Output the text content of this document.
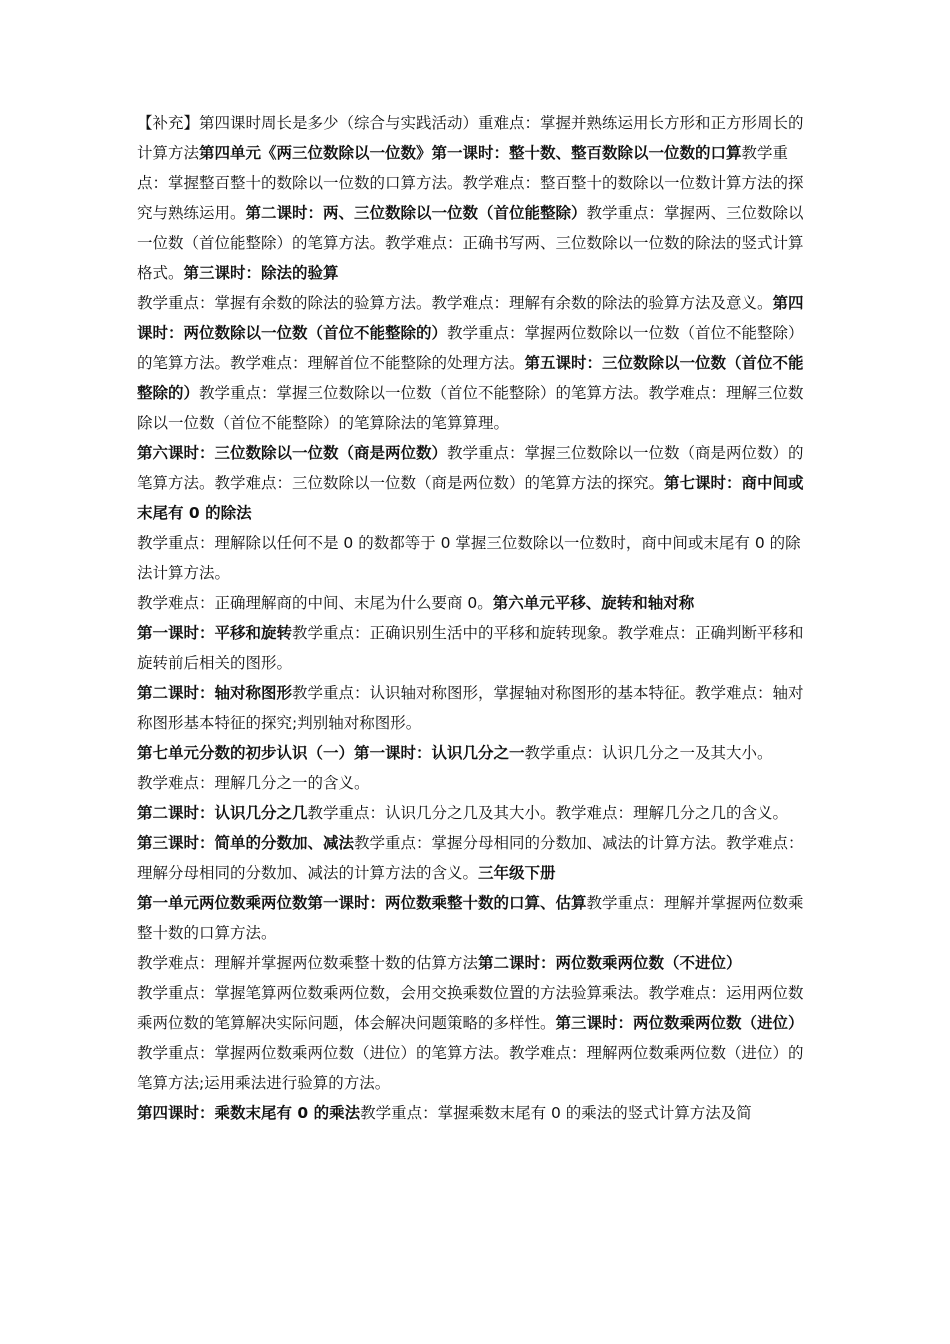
【补充】第四课时周长是多少（综合与实践活动）重难点：掌握并熟练运用长方形和正方形周长的计算方法第四单元《两三位数除以一位数》第一课时：整十数、整百数除以一位数的口算教学重点：掌握整百整十的数除以一位数的口算方法。教学难点：整百整十的数除以一位数计算方法的探究与熟练运用。第二课时：两、三位数除以一位数（首位能整除）教学重点：掌握两、三位数除以一位数（首位能整除）的笔算方法。教学难点：正确书写两、三位数除以一位数的除法的竖式计算格式。第三课时：除法的验算

教学重点：掌握有余数的除法的验算方法。教学难点：理解有余数的除法的验算方法及意义。第四课时：两位数除以一位数（首位不能整除的）教学重点：掌握两位数除以一位数（首位不能整除）的笔算方法。教学难点：理解首位不能整除的处理方法。第五课时：三位数除以一位数（首位不能整除的）教学重点：掌握三位数除以一位数（首位不能整除）的笔算方法。教学难点：理解三位数除以一位数（首位不能整除）的笔算除法的笔算算理。

第六课时：三位数除以一位数（商是两位数）教学重点：掌握三位数除以一位数（商是两位数）的笔算方法。教学难点：三位数除以一位数（商是两位数）的笔算方法的探究。第七课时：商中间或末尾有 0 的除法

教学重点：理解除以任何不是 0 的数都等于 0 掌握三位数除以一位数时，商中间或末尾有 0 的除法计算方法。

教学难点：正确理解商的中间、末尾为什么要商 0。第六单元平移、旋转和轴对称

第一课时：平移和旋转教学重点：正确识别生活中的平移和旋转现象。教学难点：正确判断平移和旋转前后相关的图形。

第二课时：轴对称图形教学重点：认识轴对称图形，掌握轴对称图形的基本特征。教学难点：轴对称图形基本特征的探究;判别轴对称图形。

第七单元分数的初步认识（一）第一课时：认识几分之一教学重点：认识几分之一及其大小。

教学难点：理解几分之一的含义。

第二课时：认识几分之几教学重点：认识几分之几及其大小。教学难点：理解几分之几的含义。

第三课时：简单的分数加、减法教学重点：掌握分母相同的分数加、减法的计算方法。教学难点：理解分母相同的分数加、减法的计算方法的含义。三年级下册

第一单元两位数乘两位数第一课时：两位数乘整十数的口算、估算教学重点：理解并掌握两位数乘整十数的口算方法。

教学难点：理解并掌握两位数乘整十数的估算方法第二课时：两位数乘两位数（不进位）

教学重点：掌握笔算两位数乘两位数，会用交换乘数位置的方法验算乘法。教学难点：运用两位数乘两位数的笔算解决实际问题，体会解决问题策略的多样性。第三课时：两位数乘两位数（进位）

教学重点：掌握两位数乘两位数（进位）的笔算方法。教学难点：理解两位数乘两位数（进位）的笔算方法;运用乘法进行验算的方法。

第四课时：乘数末尾有 0 的乘法教学重点：掌握乘数末尾有 0 的乘法的竖式计算方法及简
